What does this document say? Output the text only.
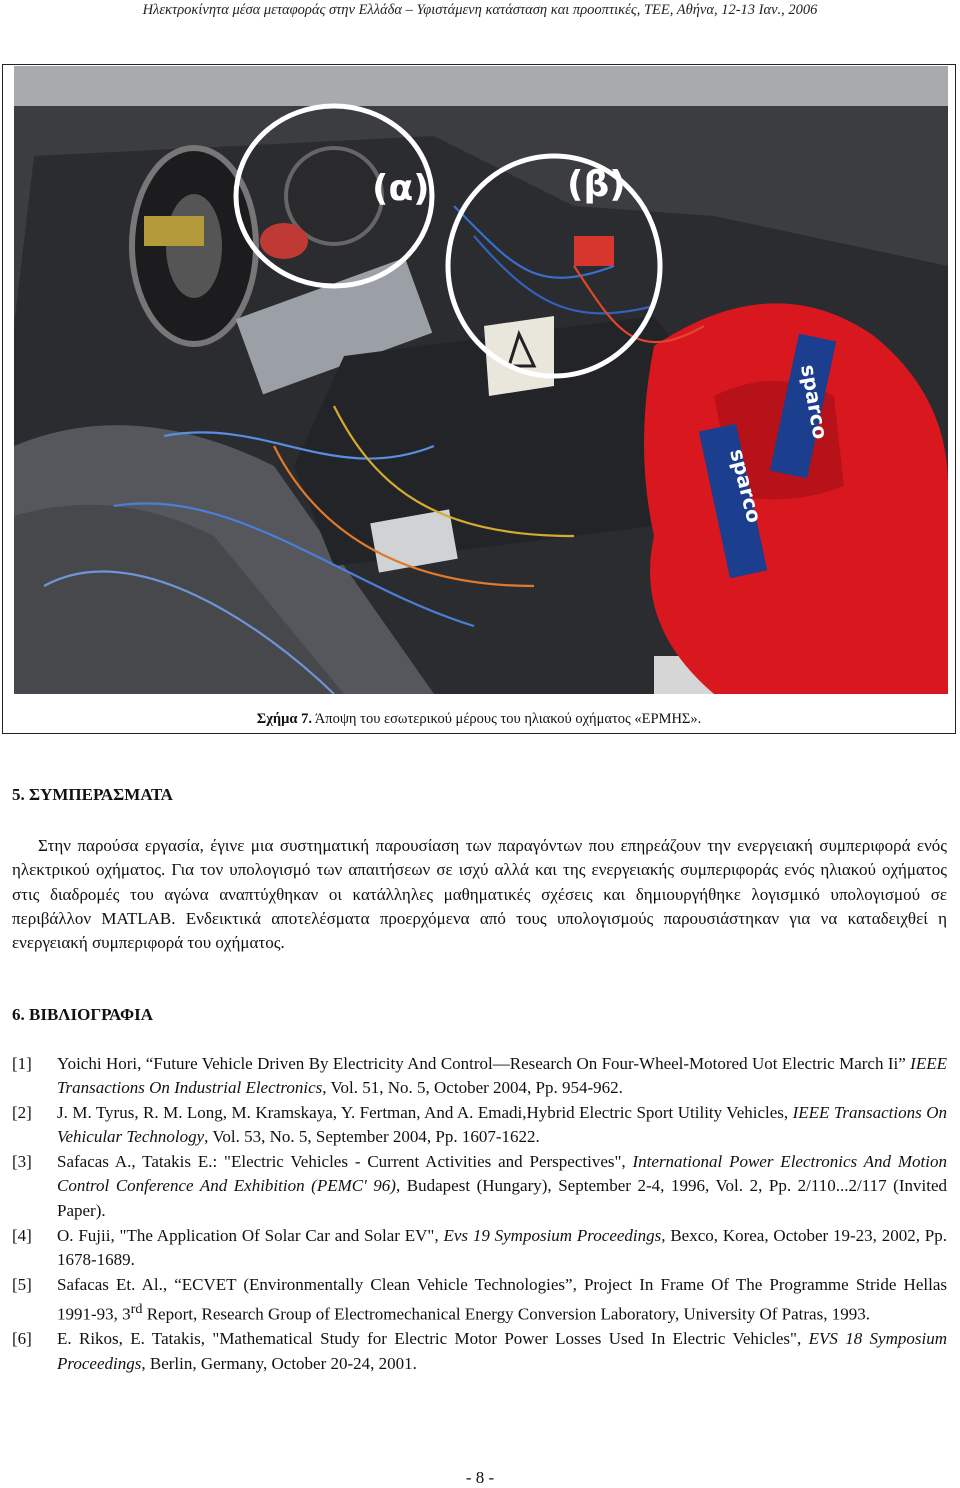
Ηλεκτροκίνητα μέσα μεταφοράς στην Ελλάδα – Υφιστάμενη κατάσταση και προοπτικές, ΤΕΕ, Αθήνα, 12-13 Ιαν., 2006
sparco
sparco
(α)	(β)
Σχήμα 7. Άποψη του εσωτερικού μέρους του ηλιακού οχήματος «ΕΡΜΗΣ».
5. ΣΥΜΠΕΡΑΣΜΑΤΑ
Στην παρούσα εργασία, έγινε μια συστηματική παρουσίαση των παραγόντων που επηρεάζουν την ενεργειακή συμπεριφορά ενός ηλεκτρικού οχήματος. Για τον υπολογισμό των απαιτήσεων σε ισχύ αλλά και της ενεργειακής συμπεριφοράς ενός ηλιακού οχήματος στις διαδρομές του αγώνα αναπτύχθηκαν οι κατάλληλες μαθηματικές σχέσεις και δημιουργήθηκε λογισμικό υπολογισμού σε περιβάλλον MATLAB. Ενδεικτικά αποτελέσματα προερχόμενα από τους υπολογισμούς παρουσιάστηκαν για να καταδειχθεί η ενεργειακή συμπεριφορά του οχήματος.
6. ΒΙΒΛΙΟΓΡΑΦΙΑ
[1] Yoichi Hori, “Future Vehicle Driven By Electricity And Control—Research On Four-Wheel-Motored Uot Electric March Ii” IEEE Transactions On Industrial Electronics, Vol. 51, No. 5, October 2004, Pp. 954-962.
[2] J. M. Tyrus, R. M. Long, M. Kramskaya, Y. Fertman, And A. Emadi,Hybrid Electric Sport Utility Vehicles, IEEE Transactions On Vehicular Technology, Vol. 53, No. 5, September 2004, Pp. 1607-1622.
[3] Safacas A., Tatakis E.: "Electric Vehicles - Current Activities and Perspectives", International Power Electronics And Motion Control Conference And Exhibition (PEMC' 96), Budapest (Hungary), September 2-4, 1996, Vol. 2, Pp. 2/110...2/117 (Invited Paper).
[4] O. Fujii, "The Application Of Solar Car and Solar EV", Evs 19 Symposium Proceedings, Bexco, Korea, October 19-23, 2002, Pp. 1678-1689.
[5] Safacas Et. Al., “ECVET (Environmentally Clean Vehicle Technologies”, Project In Frame Of The Programme Stride Hellas 1991-93, 3rd Report, Research Group of Electromechanical Energy Conversion Laboratory, University Of Patras, 1993.
[6] E. Rikos, E. Tatakis, "Mathematical Study for Electric Motor Power Losses Used In Electric Vehicles", EVS 18 Symposium Proceedings, Berlin, Germany, October 20-24, 2001.
- 8 -
